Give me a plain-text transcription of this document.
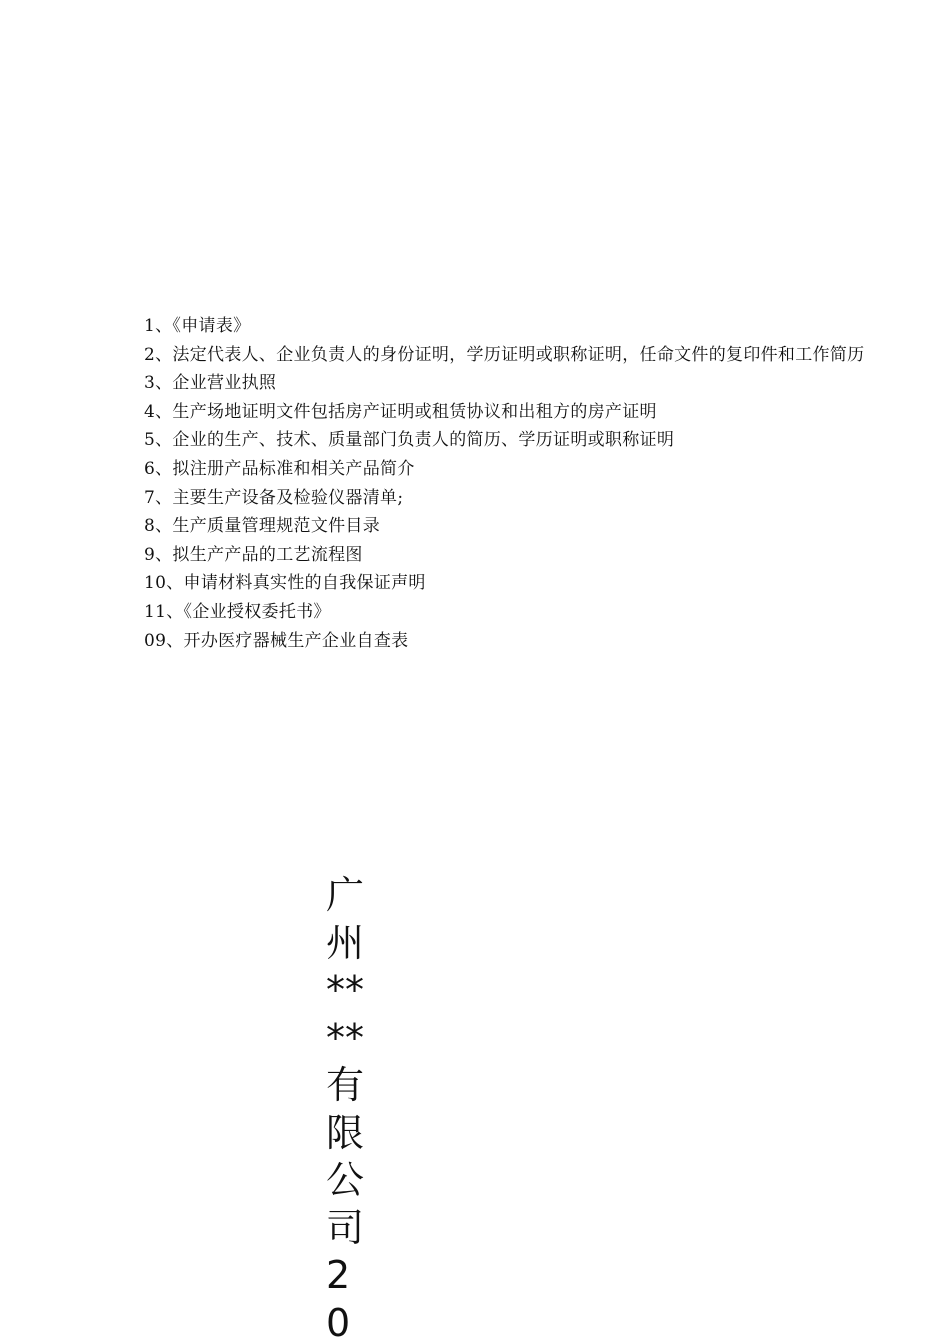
1、《申请表》
2、法定代表人、企业负责人的身份证明，学历证明或职称证明，任命文件的复印件和工作简历
3、企业营业执照
4、生产场地证明文件包括房产证明或租赁协议和出租方的房产证明
5、企业的生产、技术、质量部门负责人的简历、学历证明或职称证明
6、拟注册产品标准和相关产品简介
7、主要生产设备及检验仪器清单;
8、生产质量管理规范文件目录
9、拟生产产品的工艺流程图
10、申请材料真实性的自我保证声明
11、《企业授权委托书》
09、开办医疗器械生产企业自查表
广
州
**
**
有
限
公
司
2
0
